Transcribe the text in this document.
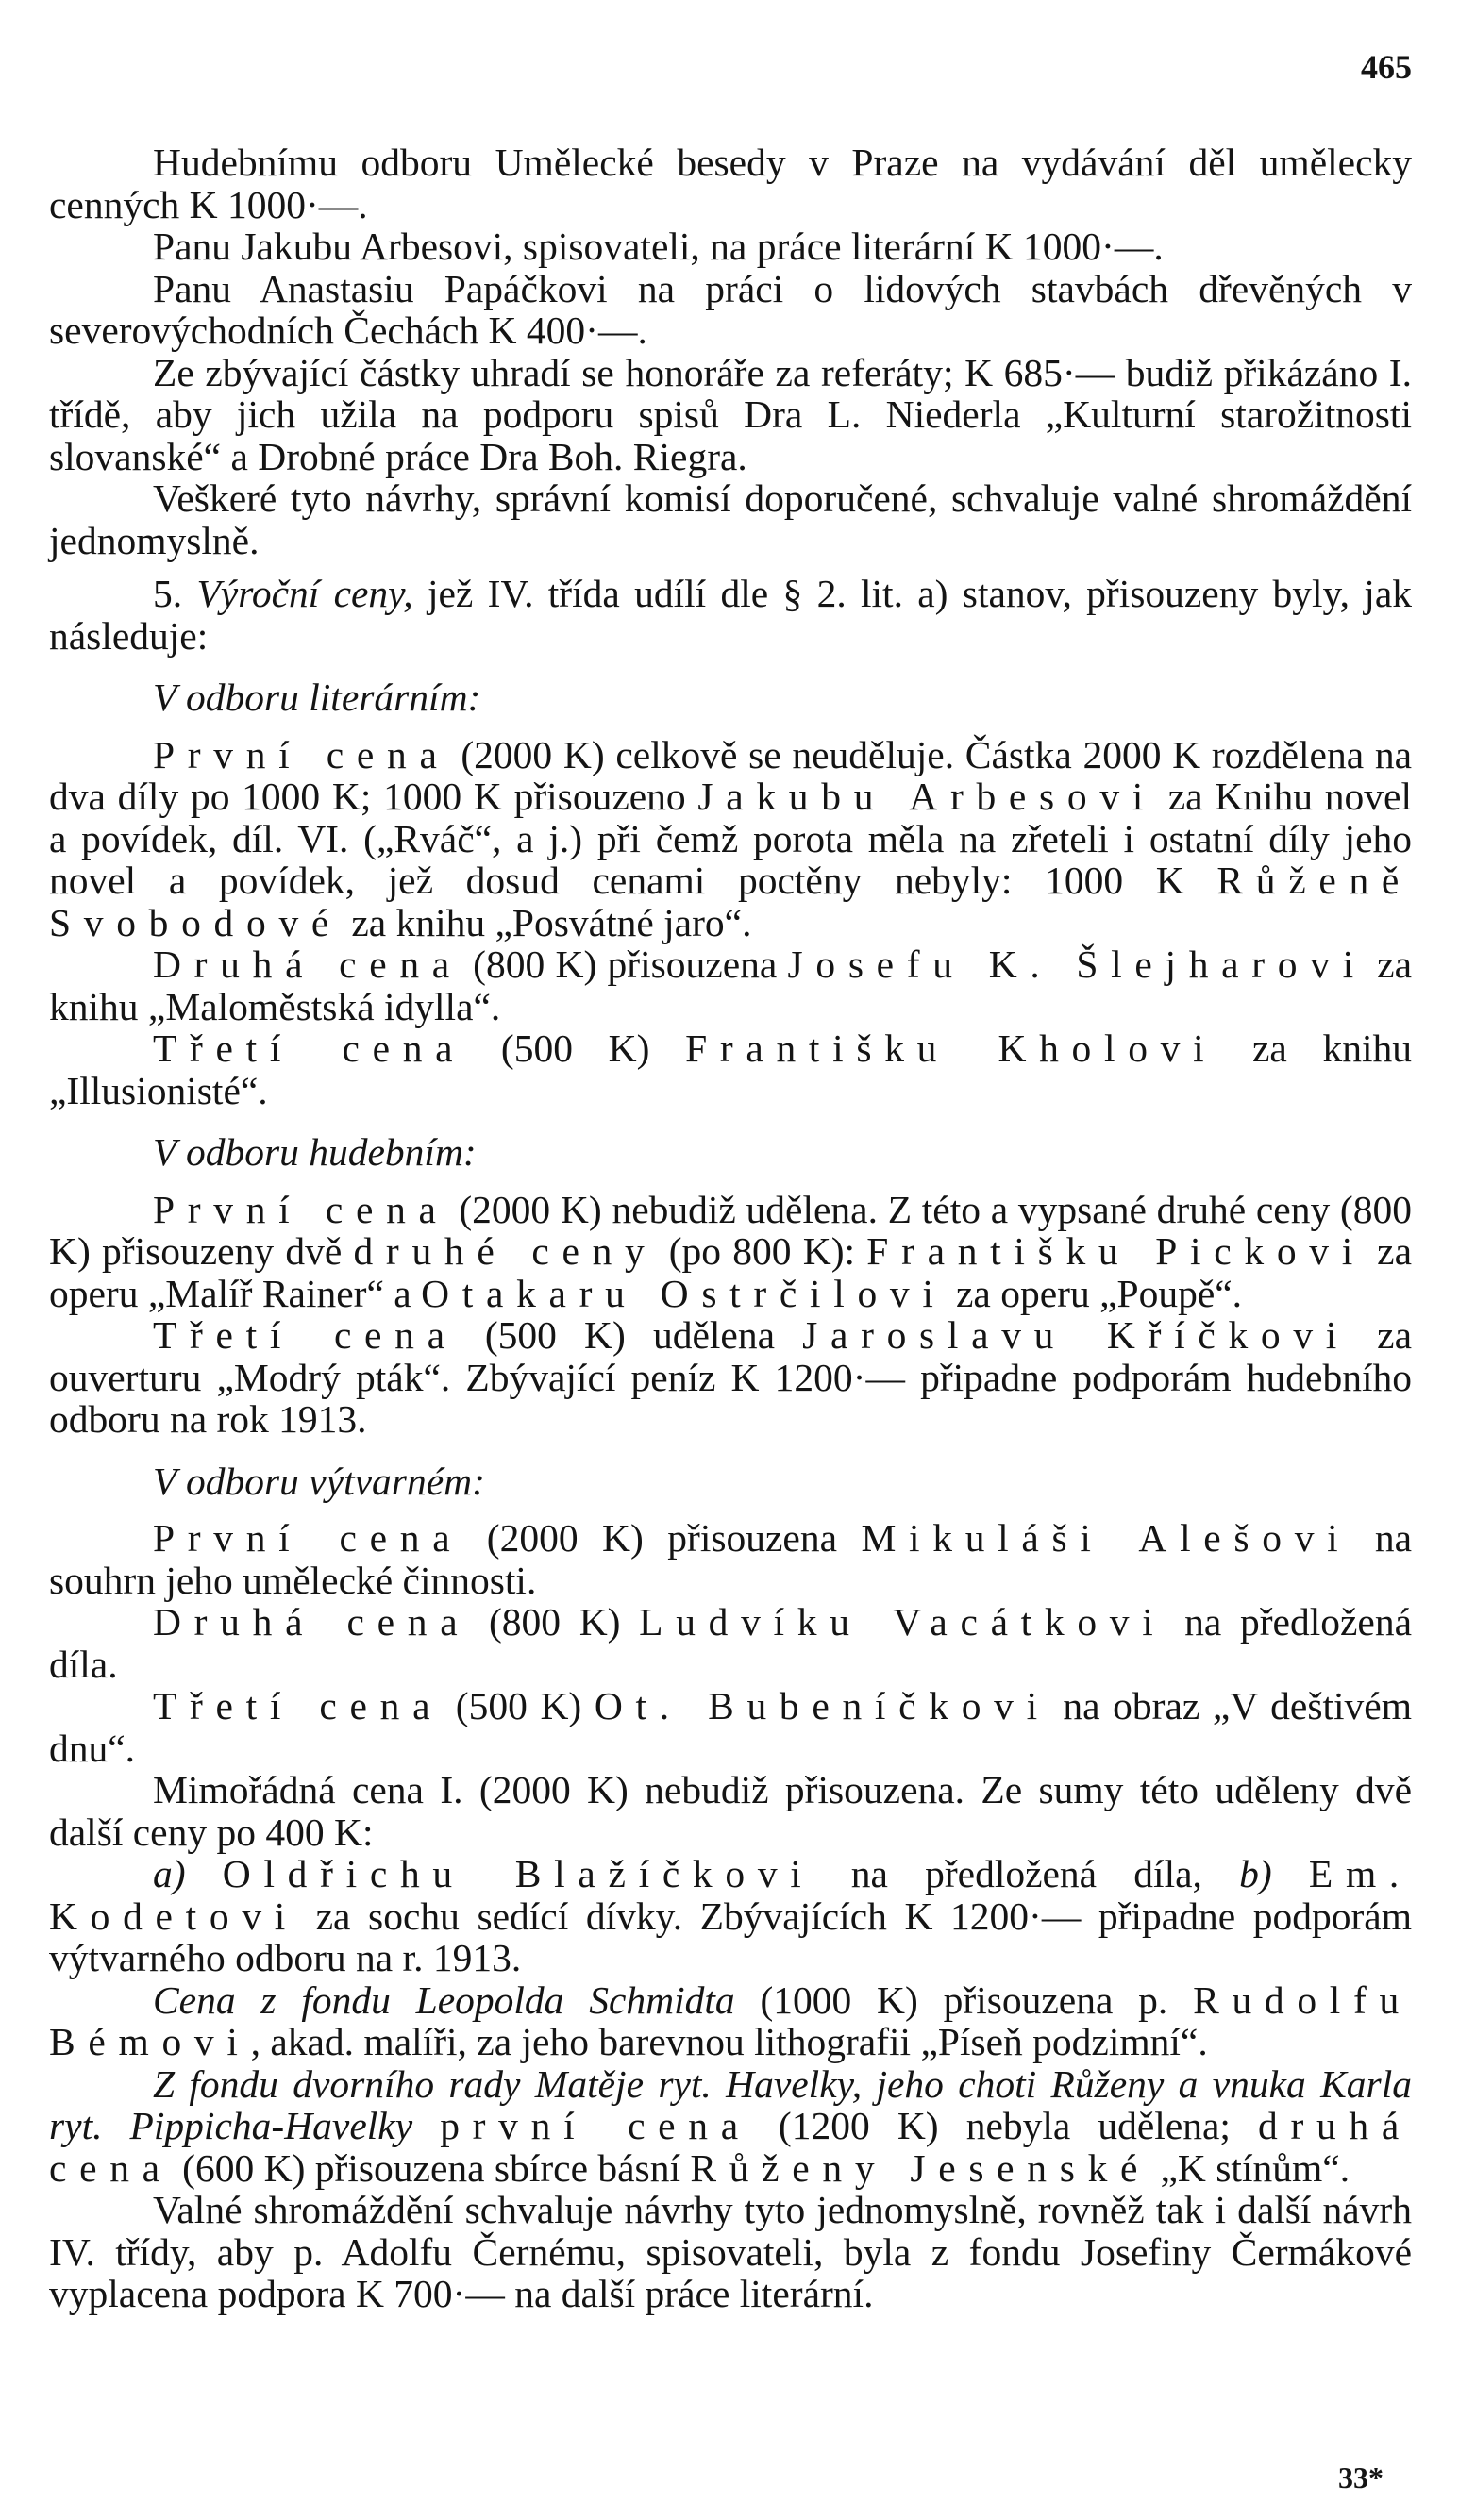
465

Hudebnímu odboru Umělecké besedy v Praze na vydávání děl umělecky cenných K 1000·—.

Panu Jakubu Arbesovi, spisovateli, na práce literární K 1000·—.

Panu Anastasiu Papáčkovi na práci o lidových stavbách dřevěných v severovýchodních Čechách K 400·—.

Ze zbývající částky uhradí se honoráře za referáty; K 685·— budiž přikázáno I. třídě, aby jich užila na podporu spisů Dra L. Niederla „Kulturní starožitnosti slovanské“ a Drobné práce Dra Boh. Riegra.

Veškeré tyto návrhy, správní komisí doporučené, schvaluje valné shromáždění jednomyslně.

5. Výroční ceny, jež IV. třída udílí dle § 2. lit. a) stanov, přisouzeny byly, jak následuje:

V odboru literárním:

První cena (2000 K) celkově se neuděluje. Částka 2000 K rozdělena na dva díly po 1000 K; 1000 K přisouzeno Jakubu Arbesovi za Knihu novel a povídek, díl. VI. („Rváč“, a j.) při čemž porota měla na zřeteli i ostatní díly jeho novel a povídek, jež dosud cenami poctěny nebyly: 1000 K Růženě Svobodové za knihu „Posvátné jaro“.

Druhá cena (800 K) přisouzena Josefu K. Šlejharovi za knihu „Maloměstská idylla“.

Třetí cena (500 K) Františku Kholovi za knihu „Illusionisté“.

V odboru hudebním:

První cena (2000 K) nebudiž udělena. Z této a vypsané druhé ceny (800 K) přisouzeny dvě druhé ceny (po 800 K): Františku Pickovi za operu „Malíř Rainer“ a Otakaru Ostrčilovi za operu „Poupě“.

Třetí cena (500 K) udělena Jaroslavu Kříčkovi za ouverturu „Modrý pták“. Zbývající peníz K 1200·— připadne podporám hudebního odboru na rok 1913.

V odboru výtvarném:

První cena (2000 K) přisouzena Mikuláši Alešovi na souhrn jeho umělecké činnosti.

Druhá cena (800 K) Ludvíku Vacátkovi na předložená díla.

Třetí cena (500 K) Ot. Bubeníčkovi na obraz „V deštivém dnu“.

Mimořádná cena I. (2000 K) nebudiž přisouzena. Ze sumy této uděleny dvě další ceny po 400 K:

a) Oldřichu Blažíčkovi na předložená díla, b) Em. Kodetovi za sochu sedící dívky. Zbývajících K 1200·— připadne podporám výtvarného odboru na r. 1913.

Cena z fondu Leopolda Schmidta (1000 K) přisouzena p. Rudolfu Bémovi, akad. malíři, za jeho barevnou lithografii „Píseň podzimní“.

Z fondu dvorního rady Matěje ryt. Havelky, jeho choti Růženy a vnuka Karla ryt. Pippicha-Havelky první cena (1200 K) nebyla udělena; druhá cena (600 K) přisouzena sbírce básní Růženy Jesenské „K stínům“.

Valné shromáždění schvaluje návrhy tyto jednomyslně, rovněž tak i další návrh IV. třídy, aby p. Adolfu Černému, spisovateli, byla z fondu Josefiny Čermákové vyplacena podpora K 700·— na další práce literární.

33*
